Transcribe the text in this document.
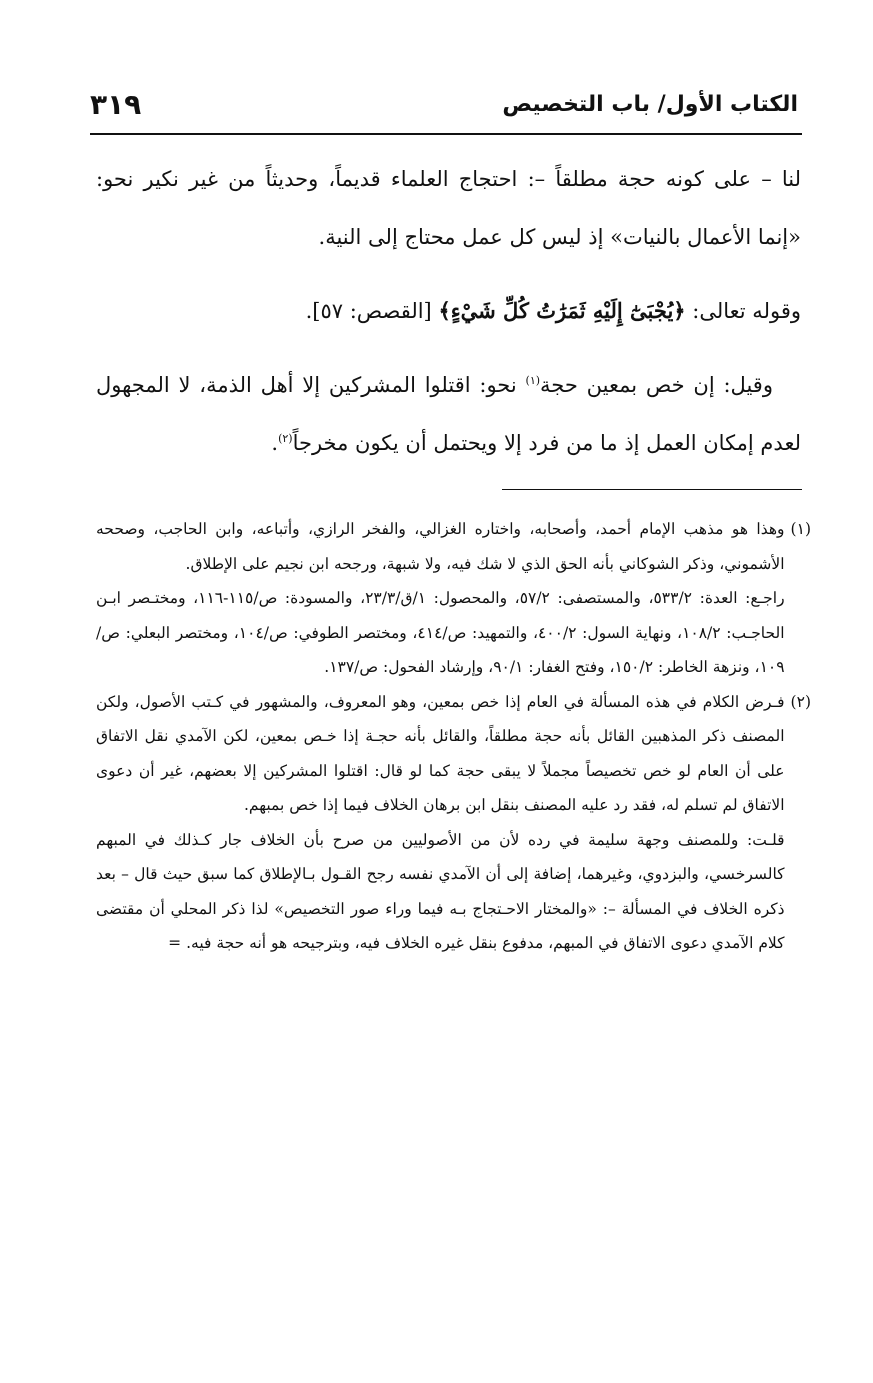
الكتاب الأول/ باب التخصيص
٣١٩

لنا – على كونه حجة مطلقاً –: احتجاج العلماء قديماً، وحديثاً من غير نكير نحو: «إنما الأعمال بالنيات» إذ ليس كل عمل محتاج إلى النية.

وقوله تعالى: ﴿يُجْبَىٰٓ إِلَيْهِ ثَمَرَٰتُ كُلِّ شَيْءٍ﴾ [القصص: ٥٧].

وقيل: إن خص بمعين حجة$^{(١)}$ نحو: اقتلوا المشركين إلا أهل الذمة، لا المجهول لعدم إمكان العمل إذ ما من فرد إلا ويحتمل أن يكون مخرجاً$^{(٢)}$.

(١)

وهذا هو مذهب الإمام أحمد، وأصحابه، واختاره الغزالي، والفخر الرازي، وأتباعه، وابن الحاجب، وصححه الأشموني، وذكر الشوكاني بأنه الحق الذي لا شك فيه، ولا شبهة، ورجحه ابن نجيم على الإطلاق.

راجـع: العدة: ٥٣٣/٢، والمستصفى: ٥٧/٢، والمحصول: ١/ق/٢٣/٣، والمسودة: ص/١١٥-١١٦، ومختـصر ابـن الحاجـب: ١٠٨/٢، ونهاية السول: ٤٠٠/٢، والتمهيد: ص/٤١٤، ومختصر الطوفي: ص/١٠٤، ومختصر البعلي: ص/١٠٩، ونزهة الخاطر: ١٥٠/٢، وفتح الغفار: ٩٠/١، وإرشاد الفحول: ص/١٣٧.

(٢)

فـرض الكلام في هذه المسألة في العام إذا خص بمعين، وهو المعروف، والمشهور في كـتب الأصول، ولكن المصنف ذكر المذهبين القائل بأنه حجة مطلقاً، والقائل بأنه حجـة إذا خـص بمعين، لكن الآمدي نقل الاتفاق على أن العام لو خص تخصيصاً مجملاً لا يبقى حجة كما لو قال: اقتلوا المشركين إلا بعضهم، غير أن دعوى الاتفاق لم تسلم له، فقد رد عليه المصنف بنقل ابن برهان الخلاف فيما إذا خص بمبهم.

قلـت: وللمصنف وجهة سليمة في رده لأن من الأصوليين من صرح بأن الخلاف جار كـذلك في المبهم كالسرخسي، والبزدوي، وغيرهما، إضافة إلى أن الآمدي نفسه رجح القـول بـالإطلاق كما سبق حيث قال – بعد ذكره الخلاف في المسألة –: «والمختار الاحـتجاج بـه فيما وراء صور التخصيص» لذا ذكر المحلي أن مقتضى كلام الآمدي دعوى الاتفاق في المبهم، مدفوع بنقل غيره الخلاف فيه، وبترجيحه هو أنه حجة فيه. =
